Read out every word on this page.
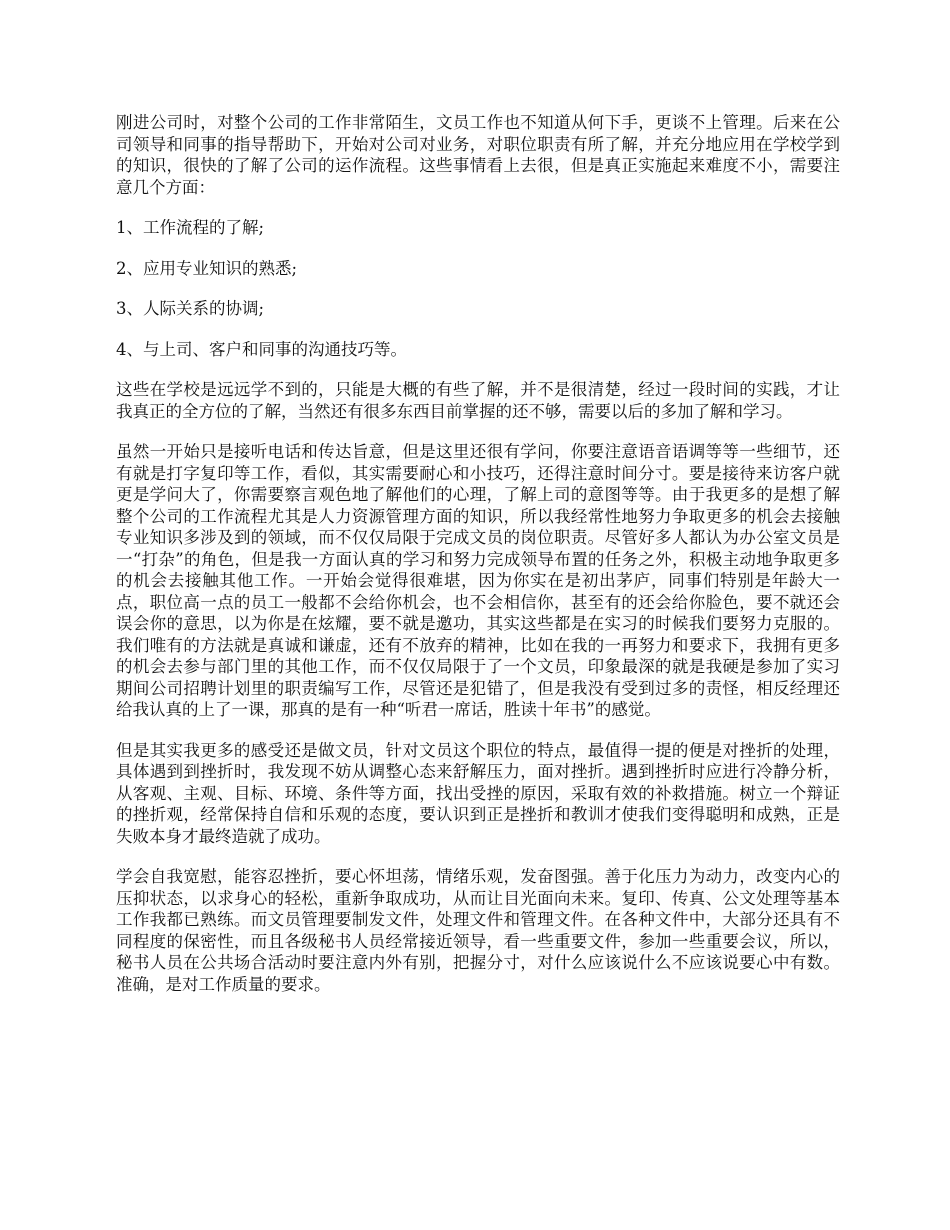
刚进公司时，对整个公司的工作非常陌生，文员工作也不知道从何下手，更谈不上管理。后来在公司领导和同事的指导帮助下，开始对公司对业务，对职位职责有所了解，并充分地应用在学校学到的知识，很快的了解了公司的运作流程。这些事情看上去很，但是真正实施起来难度不小，需要注意几个方面：

1、工作流程的了解;

2、应用专业知识的熟悉;

3、人际关系的协调;

4、与上司、客户和同事的沟通技巧等。

这些在学校是远远学不到的，只能是大概的有些了解，并不是很清楚，经过一段时间的实践，才让我真正的全方位的了解，当然还有很多东西目前掌握的还不够，需要以后的多加了解和学习。

虽然一开始只是接听电话和传达旨意，但是这里还很有学问，你要注意语音语调等等一些细节，还有就是打字复印等工作，看似，其实需要耐心和小技巧，还得注意时间分寸。要是接待来访客户就更是学问大了，你需要察言观色地了解他们的心理，了解上司的意图等等。由于我更多的是想了解整个公司的工作流程尤其是人力资源管理方面的知识，所以我经常性地努力争取更多的机会去接触专业知识多涉及到的领域，而不仅仅局限于完成文员的岗位职责。尽管好多人都认为办公室文员是一“打杂”的角色，但是我一方面认真的学习和努力完成领导布置的任务之外，积极主动地争取更多的机会去接触其他工作。一开始会觉得很难堪，因为你实在是初出茅庐，同事们特别是年龄大一点，职位高一点的员工一般都不会给你机会，也不会相信你，甚至有的还会给你脸色，要不就还会误会你的意思，以为你是在炫耀，要不就是邀功，其实这些都是在实习的时候我们要努力克服的。我们唯有的方法就是真诚和谦虚，还有不放弃的精神，比如在我的一再努力和要求下，我拥有更多的机会去参与部门里的其他工作，而不仅仅局限于了一个文员，印象最深的就是我硬是参加了实习期间公司招聘计划里的职责编写工作，尽管还是犯错了，但是我没有受到过多的责怪，相反经理还给我认真的上了一课，那真的是有一种“听君一席话，胜读十年书”的感觉。

但是其实我更多的感受还是做文员，针对文员这个职位的特点，最值得一提的便是对挫折的处理，具体遇到到挫折时，我发现不妨从调整心态来舒解压力，面对挫折。遇到挫折时应进行冷静分析，从客观、主观、目标、环境、条件等方面，找出受挫的原因，采取有效的补救措施。树立一个辩证的挫折观，经常保持自信和乐观的态度，要认识到正是挫折和教训才使我们变得聪明和成熟，正是失败本身才最终造就了成功。

学会自我宽慰，能容忍挫折，要心怀坦荡，情绪乐观，发奋图强。善于化压力为动力，改变内心的压抑状态，以求身心的轻松，重新争取成功，从而让目光面向未来。复印、传真、公文处理等基本工作我都已熟练。而文员管理要制发文件，处理文件和管理文件。在各种文件中，大部分还具有不同程度的保密性，而且各级秘书人员经常接近领导，看一些重要文件，参加一些重要会议，所以，秘书人员在公共场合活动时要注意内外有别，把握分寸，对什么应该说什么不应该说要心中有数。准确，是对工作质量的要求。
